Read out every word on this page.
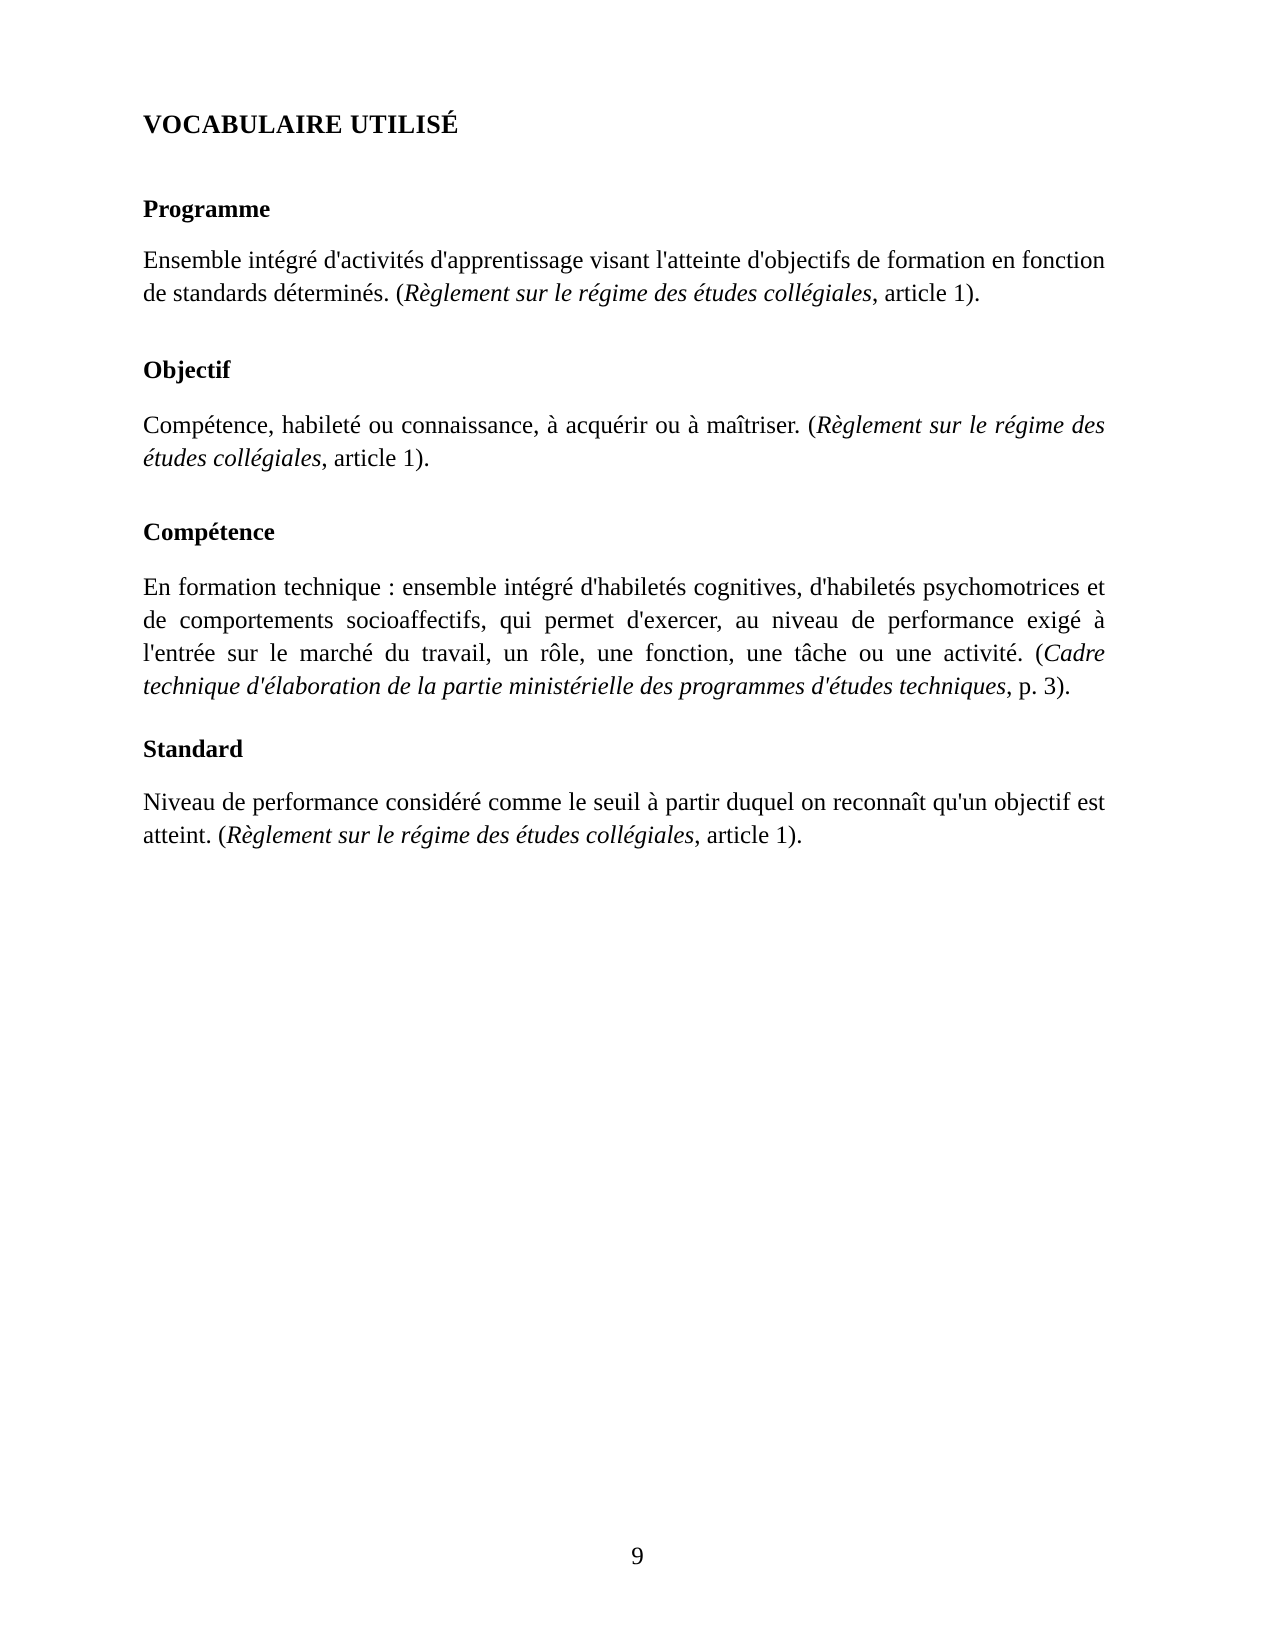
VOCABULAIRE UTILISÉ
Programme

Ensemble intégré d'activités d'apprentissage visant l'atteinte d'objectifs de formation en fonction de standards déterminés. (Règlement sur le régime des études collégiales, article 1).

Objectif

Compétence, habileté ou connaissance, à acquérir ou à maîtriser. (Règlement sur le régime des études collégiales, article 1).

Compétence

En formation technique : ensemble intégré d'habiletés cognitives, d'habiletés psychomotrices et de comportements socioaffectifs, qui permet d'exercer, au niveau de performance exigé à l'entrée sur le marché du travail, un rôle, une fonction, une tâche ou une activité. (Cadre technique d'élaboration de la partie ministérielle des programmes d'études techniques, p. 3).

Standard

Niveau de performance considéré comme le seuil à partir duquel on reconnaît qu'un objectif est atteint. (Règlement sur le régime des études collégiales, article 1).

9
